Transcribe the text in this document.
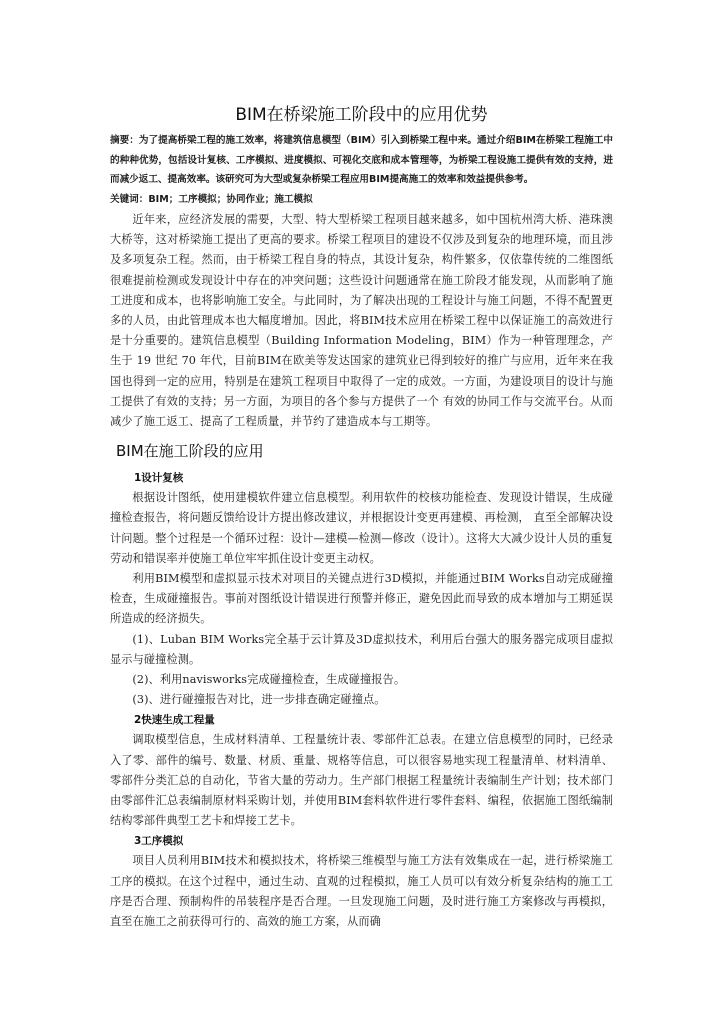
BIM在桥梁施工阶段中的应用优势

摘要：为了提高桥梁工程的施工效率，将建筑信息模型（BIM）引入到桥梁工程中来。通过介绍BIM在桥梁工程施工中的种种优势，包括设计复核、工序模拟、进度模拟、可视化交底和成本管理等，为桥梁工程设施工提供有效的支持，进而减少返工、提高效率。该研究可为大型或复杂桥梁工程应用BIM提高施工的效率和效益提供参考。

关键词：BIM；工序模拟；协同作业；施工模拟

近年来，应经济发展的需要，大型、特大型桥梁工程项目越来越多，如中国杭州湾大桥、港珠澳大桥等，这对桥梁施工提出了更高的要求。桥梁工程项目的建设不仅涉及到复杂的地理环境，而且涉及多项复杂工程。然而，由于桥梁工程自身的特点，其设计复杂，构件繁多，仅依靠传统的二维图纸很难提前检测或发现设计中存在的冲突问题；这些设计问题通常在施工阶段才能发现，从而影响了施工进度和成本，也将影响施工安全。与此同时，为了解决出现的工程设计与施工问题，不得不配置更多的人员，由此管理成本也大幅度增加。因此，将BIM技术应用在桥梁工程中以保证施工的高效进行是十分重要的。建筑信息模型（Building Information Modeling，BIM）作为一种管理理念，产生于 19 世纪 70 年代，目前BIM在欧美等发达国家的建筑业已得到较好的推广与应用，近年来在我国也得到一定的应用，特别是在建筑工程项目中取得了一定的成效。一方面，为建设项目的设计与施工提供了有效的支持；另一方面，为项目的各个参与方提供了一个 有效的协同工作与交流平台。从而减少了施工返工、提高了工程质量，并节约了建造成本与工期等。

BIM在施工阶段的应用
1设计复核

根据设计图纸，使用建模软件建立信息模型。利用软件的校核功能检查、发现设计错误，生成碰撞检查报告，将问题反馈给设计方提出修改建议，并根据设计变更再建模、再检测， 直至全部解决设计问题。整个过程是一个循环过程：设计—建模—检测—修改（设计）。这将大大减少设计人员的重复劳动和错误率并使施工单位牢牢抓住设计变更主动权。

利用BIM模型和虚拟显示技术对项目的关键点进行3D模拟，并能通过BIM Works自动完成碰撞检查，生成碰撞报告。事前对图纸设计错误进行预警并修正，避免因此而导致的成本增加与工期延误所造成的经济损失。

(1)、Luban BIM Works完全基于云计算及3D虚拟技术，利用后台强大的服务器完成项目虚拟显示与碰撞检测。

(2)、利用navisworks完成碰撞检查，生成碰撞报告。

(3)、进行碰撞报告对比，进一步排查确定碰撞点。

2快速生成工程量

调取模型信息，生成材料清单、工程量统计表、零部件汇总表。在建立信息模型的同时，已经录入了零、部件的编号、数量、材质、重量、规格等信息，可以很容易地实现工程量清单、材料清单、零部件分类汇总的自动化，节省大量的劳动力。生产部门根据工程量统计表编制生产计划；技术部门由零部件汇总表编制原材料采购计划，并使用BIM套料软件进行零件套料、编程，依据施工图纸编制结构零部件典型工艺卡和焊接工艺卡。

3工序模拟

项目人员利用BIM技术和模拟技术，将桥梁三维模型与施工方法有效集成在一起，进行桥梁施工工序的模拟。在这个过程中，通过生动、直观的过程模拟，施工人员可以有效分析复杂结构的施工工序是否合理、预制构件的吊装程序是否合理。一旦发现施工问题，及时进行施工方案修改与再模拟，直至在施工之前获得可行的、高效的施工方案，从而确
